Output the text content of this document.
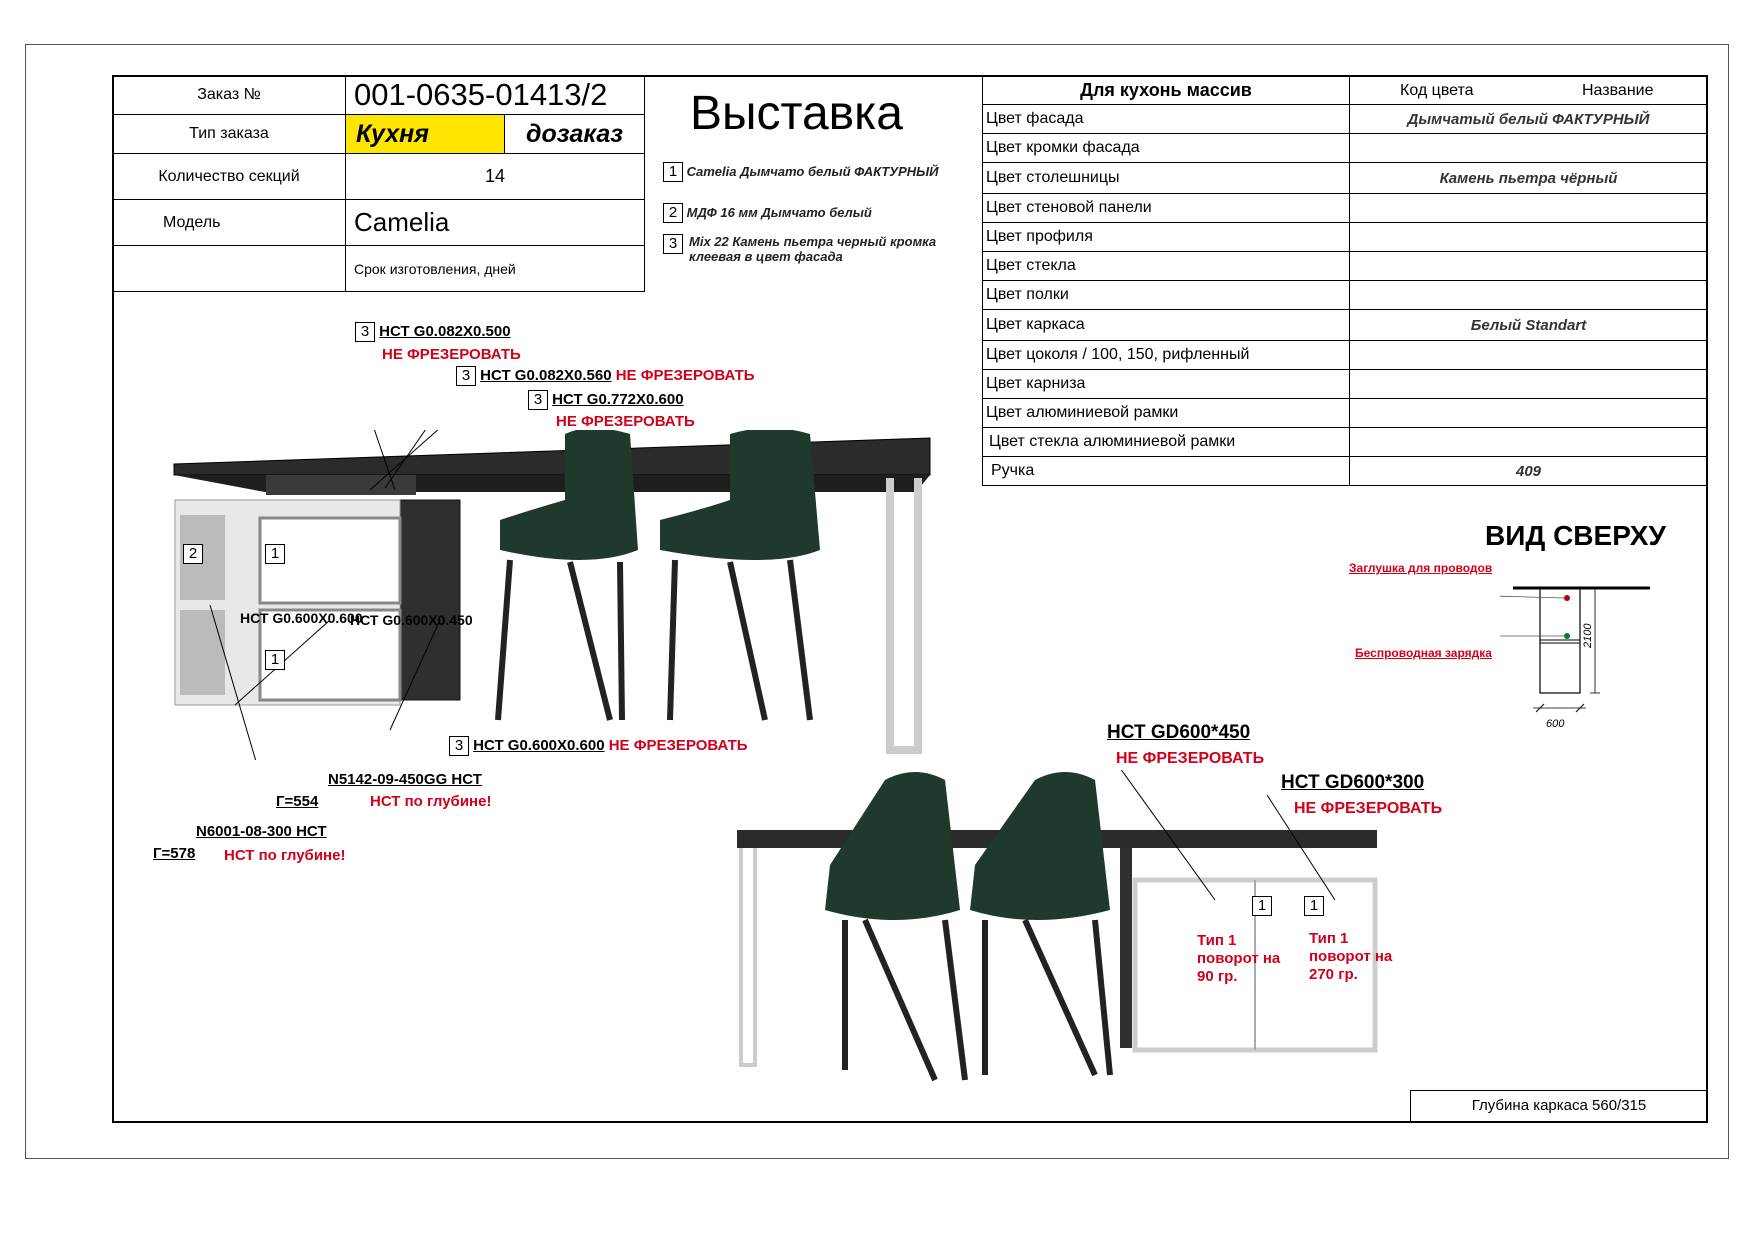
Заказ №	001-0635-01413/2	
Тип заказа	Кухня	дозаказ
Количество секций	14	
Модель	Camelia	
	Срок изготовления, дней	
Выставка
1 Camelia Дымчато белый ФАКТУРНЫЙ
2 МДФ 16 мм Дымчато белый
3 Mix 22 Камень пьетра черный кромка клеевая в цвет фасада
Для кухонь массив	Код цвета Название

Цвет фасада	Дымчатый белый ФАКТУРНЫЙ
Цвет кромки фасада	
Цвет столешницы	Камень пьетра чёрный
Цвет стеновой панели	
Цвет профиля	
Цвет стекла	
Цвет полки	
Цвет каркаса	Белый Standart
Цвет цоколя / 100, 150, рифленный	
Цвет карниза	
Цвет алюминиевой рамки	
Цвет стекла алюминиевой рамки	
Ручка	409
ВИД СВЕРХУ
Заглушка для проводов
Беспроводная зарядка
2100
600
3 НСТ G0.082X0.500
НЕ ФРЕЗЕРОВАТЬ
3 НСТ G0.082X0.560 НЕ ФРЕЗЕРОВАТЬ
3 НСТ G0.772X0.600
НЕ ФРЕЗЕРОВАТЬ
НСТ G0.600X0.600
НСТ G0.600X0.450
2	1
1
3 НСТ G0.600X0.600 НЕ ФРЕЗЕРОВАТЬ
N5142-09-450GG НСТ
Г=554	НСТ по глубине!
N6001-08-300 НСТ
Г=578 НСТ по глубине!
НСТ GD600*450
НЕ ФРЕЗЕРОВАТЬ
НСТ GD600*300
НЕ ФРЕЗЕРОВАТЬ
1	1
Тип 1 поворот на 90 гр.
Тип 1 поворот на 270 гр.
Глубина каркаса 560/315
